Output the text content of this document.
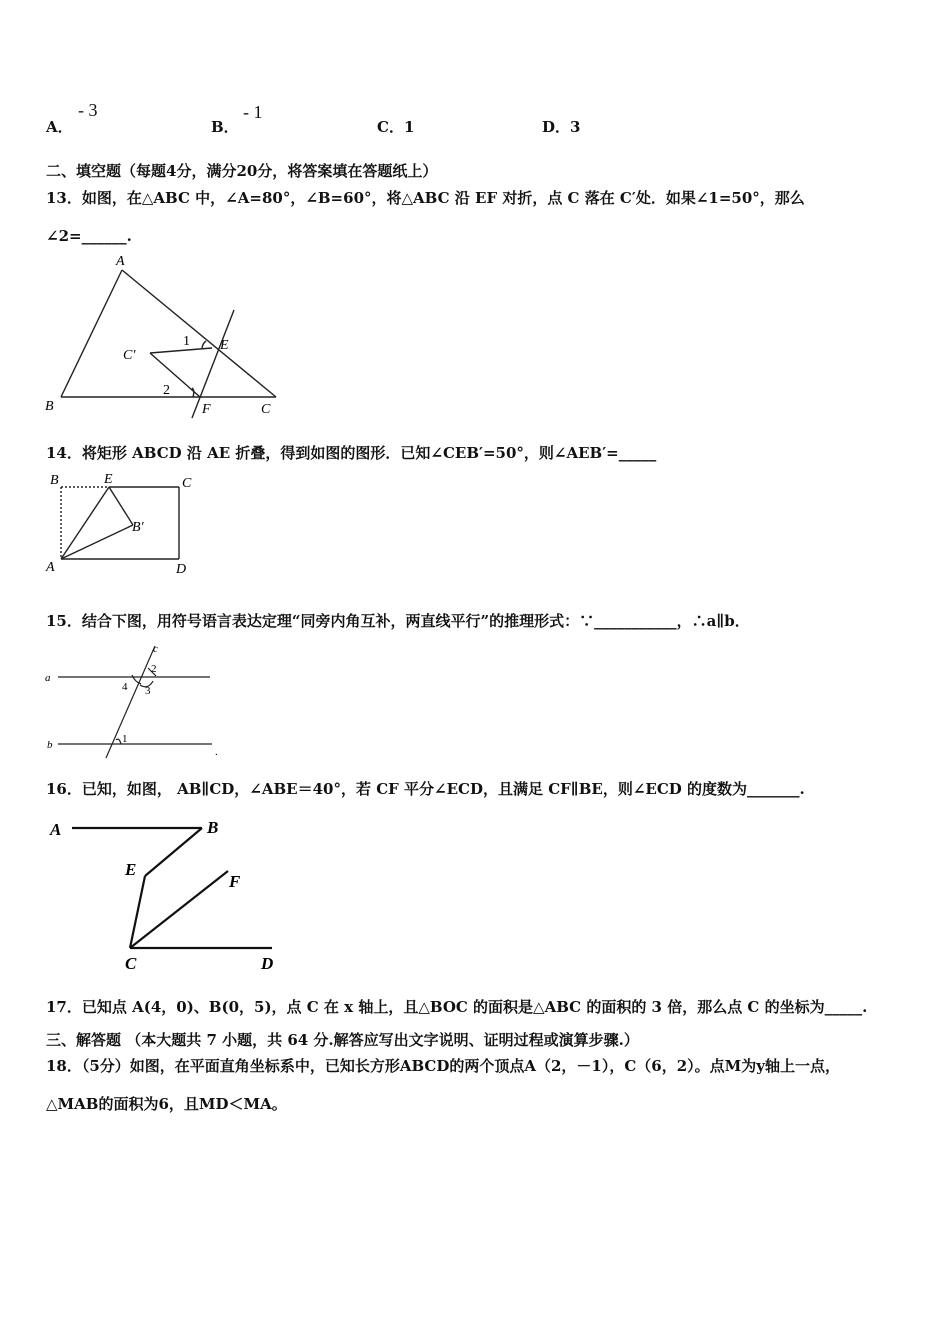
A．
- 3
B．
- 1
C．1	D．3
二、填空题（每题4分，满分20分，将答案填在答题纸上）
13．如图，在△ABC 中，∠A=80°，∠B=60°，将△ABC 沿 EF 对折，点 C 落在 C′处．如果∠1=50°，那么
∠2=______.
A
B	C
C′
E
F
1
2
14．将矩形 ABCD 沿 AE 折叠，得到如图的图形．已知∠CEB′=50°，则∠AEB′=_____
B	E	C
B′
A	D
15．结合下图，用符号语言表达定理“同旁内角互补，两直线平行”的推理形式：∵___________，∴a∥b．
a
b
c
2
3
4
1
.
16．已知，如图， AB∥CD，∠ABE＝40°，若 CF 平分∠ECD，且满足 CF∥BE，则∠ECD 的度数为_______.
A	B
E
F
C	D
17．已知点 A(4，0)、B(0，5)，点 C 在 x 轴上，且△BOC 的面积是△ABC 的面积的 3 倍，那么点 C 的坐标为_____.
三、解答题 （本大题共 7 小题，共 64 分.解答应写出文字说明、证明过程或演算步骤.）
18．（5分）如图，在平面直角坐标系中，已知长方形ABCD的两个顶点A（2，－1），C（6，2）。点M为y轴上一点，
△MAB的面积为6，且MD＜MA。
